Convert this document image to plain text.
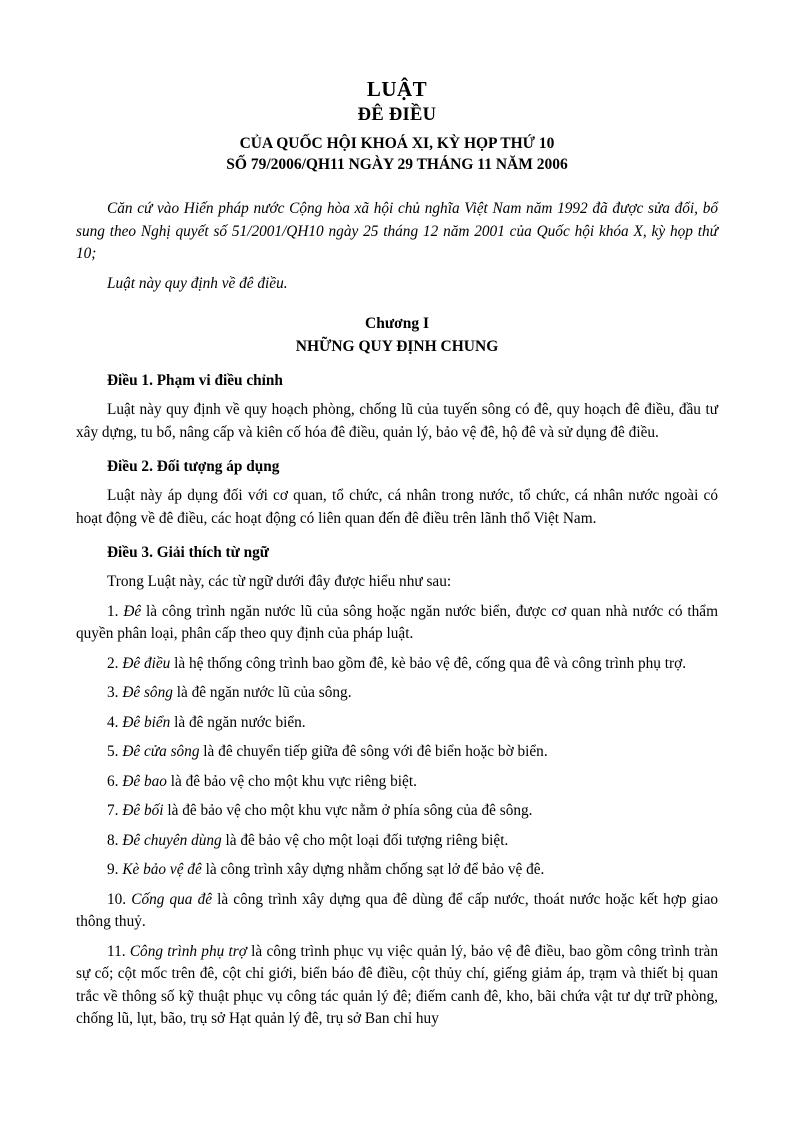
LUẬT
ĐÊ ĐIỀU
CỦA QUỐC HỘI KHOÁ XI, KỲ HỌP THỨ 10
SỐ 79/2006/QH11 NGÀY 29 THÁNG 11 NĂM 2006

Căn cứ vào Hiến pháp nước Cộng hòa xã hội chủ nghĩa Việt Nam năm 1992 đã được sửa đổi, bổ sung theo Nghị quyết số 51/2001/QH10 ngày 25 tháng 12 năm 2001 của Quốc hội khóa X, kỳ họp thứ 10;

Luật này quy định về đê điều.

Chương I
NHỮNG QUY ĐỊNH CHUNG
Điều 1. Phạm vi điều chỉnh

Luật này quy định về quy hoạch phòng, chống lũ của tuyến sông có đê, quy hoạch đê điều, đầu tư xây dựng, tu bổ, nâng cấp và kiên cố hóa đê điều, quản lý, bảo vệ đê, hộ đê và sử dụng đê điều.

Điều 2. Đối tượng áp dụng

Luật này áp dụng đối với cơ quan, tổ chức, cá nhân trong nước, tổ chức, cá nhân nước ngoài có hoạt động về đê điều, các hoạt động có liên quan đến đê điều trên lãnh thổ Việt Nam.

Điều 3. Giải thích từ ngữ

Trong Luật này, các từ ngữ dưới đây được hiểu như sau:

1. Đê là công trình ngăn nước lũ của sông hoặc ngăn nước biển, được cơ quan nhà nước có thẩm quyền phân loại, phân cấp theo quy định của pháp luật.

2. Đê điều là hệ thống công trình bao gồm đê, kè bảo vệ đê, cống qua đê và công trình phụ trợ.

3. Đê sông là đê ngăn nước lũ của sông.

4. Đê biển là đê ngăn nước biển.

5. Đê cửa sông là đê chuyển tiếp giữa đê sông với đê biển hoặc bờ biển.

6. Đê bao là đê bảo vệ cho một khu vực riêng biệt.

7. Đê bối là đê bảo vệ cho một khu vực nằm ở phía sông của đê sông.

8. Đê chuyên dùng là đê bảo vệ cho một loại đối tượng riêng biệt.

9. Kè bảo vệ đê là công trình xây dựng nhằm chống sạt lở để bảo vệ đê.

10. Cống qua đê là công trình xây dựng qua đê dùng để cấp nước, thoát nước hoặc kết hợp giao thông thuỷ.

11. Công trình phụ trợ là công trình phục vụ việc quản lý, bảo vệ đê điều, bao gồm công trình tràn sự cố; cột mốc trên đê, cột chỉ giới, biển báo đê điều, cột thủy chí, giếng giảm áp, trạm và thiết bị quan trắc về thông số kỹ thuật phục vụ công tác quản lý đê; điếm canh đê, kho, bãi chứa vật tư dự trữ phòng, chống lũ, lụt, bão, trụ sở Hạt quản lý đê, trụ sở Ban chỉ huy
